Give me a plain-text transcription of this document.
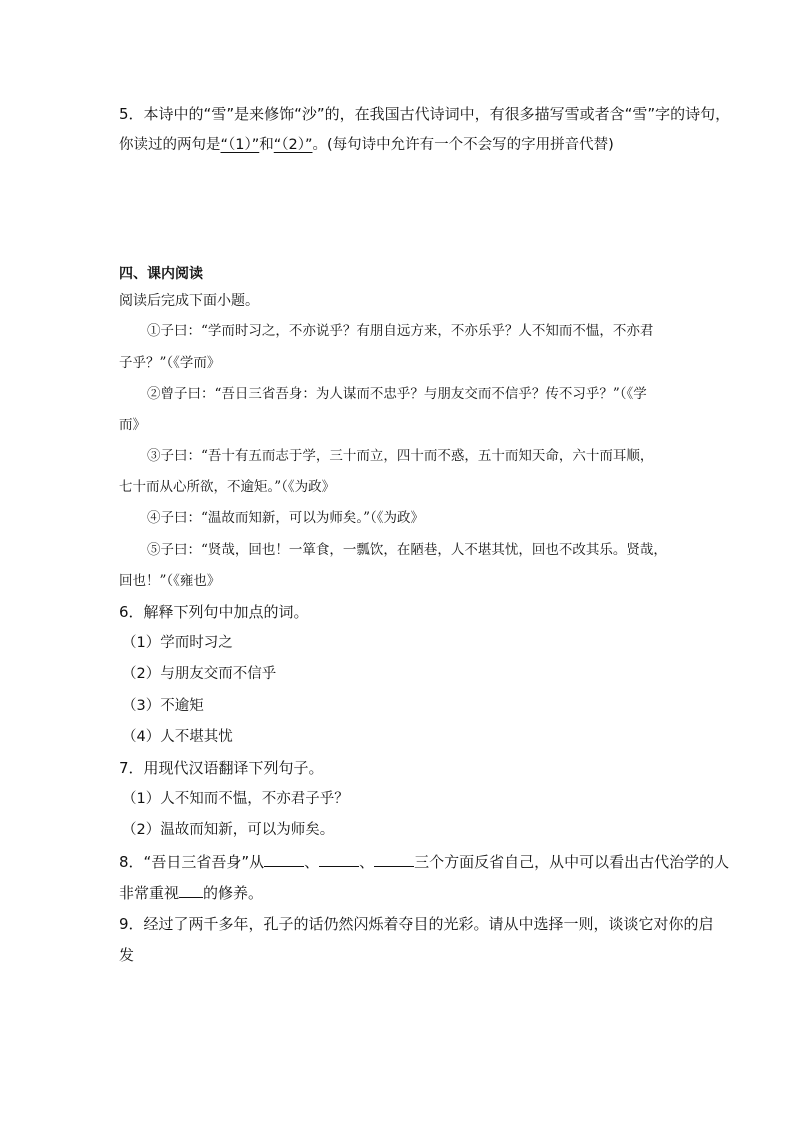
5．本诗中的“雪”是来修饰“沙”的，在我国古代诗词中，有很多描写雪或者含“雪”字的诗句，
你读过的两句是“（1）”和“（2）”。(每句诗中允许有一个不会写的字用拼音代替)
四、课内阅读
阅读后完成下面小题。
①子曰：“学而时习之，不亦说乎？有朋自远方来，不亦乐乎？人不知而不愠，不亦君
子乎？”（《学而》
②曾子曰：“吾日三省吾身：为人谋而不忠乎？与朋友交而不信乎？传不习乎？”（《学
而》
③子曰：“吾十有五而志于学，三十而立，四十而不惑，五十而知天命，六十而耳顺，
七十而从心所欲，不逾矩。”（《为政》
④子曰：“温故而知新，可以为师矣。”（《为政》
⑤子曰：“贤哉，回也！一箪食，一瓢饮，在陋巷，人不堪其忧，回也不改其乐。贤哉，
回也！”（《雍也》
6．解释下列句中加点的词。
（1）学而时习之
（2）与朋友交而不信乎
（3）不逾矩
（4）人不堪其忧
7．用现代汉语翻译下列句子。
（1）人不知而不愠，不亦君子乎？
（2）温故而知新，可以为师矣。
8．“吾日三省吾身”从	、	、	三个方面反省自己，从中可以看出古代治学的人
非常重视 的修养。
9．经过了两千多年，孔子的话仍然闪烁着夺目的光彩。请从中选择一则，谈谈它对你的启
发
